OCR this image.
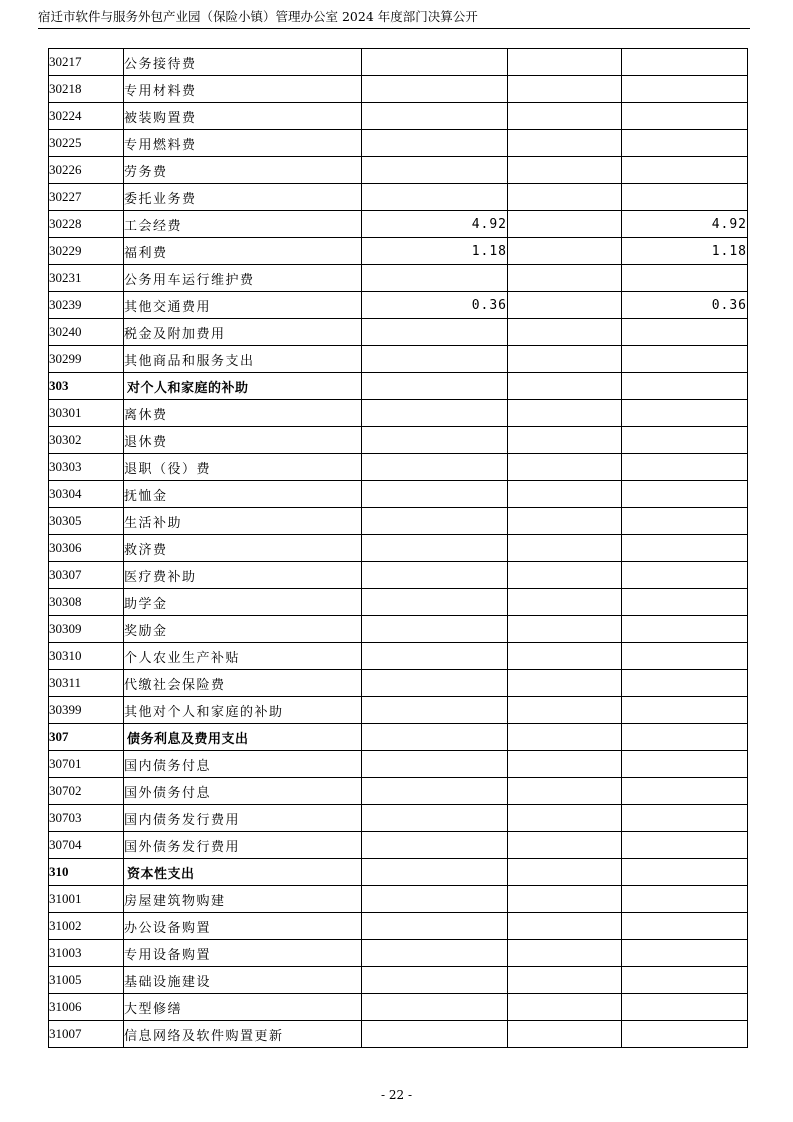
宿迁市软件与服务外包产业园（保险小镇）管理办公室 2024 年度部门决算公开
30217	公务接待费			
30218	专用材料费			
30224	被装购置费			
30225	专用燃料费			
30226	劳务费			
30227	委托业务费			
30228	工会经费	4.92		4.92
30229	福利费	1.18		1.18
30231	公务用车运行维护费			
30239	其他交通费用	0.36		0.36
30240	税金及附加费用			
30299	其他商品和服务支出			
303	对个人和家庭的补助			
30301	离休费			
30302	退休费			
30303	退职（役）费			
30304	抚恤金			
30305	生活补助			
30306	救济费			
30307	医疗费补助			
30308	助学金			
30309	奖励金			
30310	个人农业生产补贴			
30311	代缴社会保险费			
30399	其他对个人和家庭的补助			
307	债务利息及费用支出			
30701	国内债务付息			
30702	国外债务付息			
30703	国内债务发行费用			
30704	国外债务发行费用			
310	资本性支出			
31001	房屋建筑物购建			
31002	办公设备购置			
31003	专用设备购置			
31005	基础设施建设			
31006	大型修缮			
31007	信息网络及软件购置更新			
- 22 -
